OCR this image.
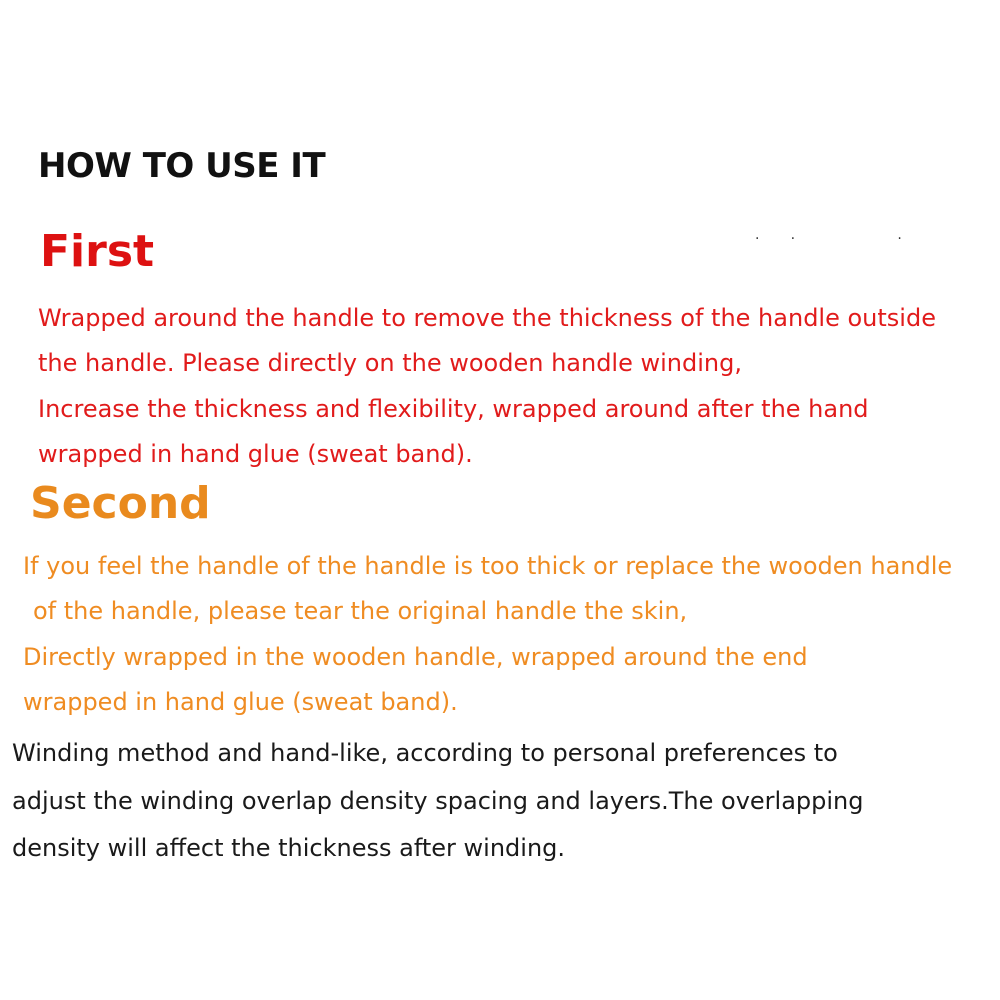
HOW TO USE IT
·       ·                       ·
First

Wrapped around the handle to remove the thickness of the handle outside

the handle. Please directly on the wooden handle winding,

Increase the thickness and flexibility, wrapped around after the hand

wrapped in hand glue (sweat band).

Second

If you feel the handle of the handle is too thick or replace the wooden handle

of the handle, please tear the original handle the skin,

Directly wrapped in the wooden handle, wrapped around the end

wrapped in hand glue (sweat band).

Winding method and hand-like, according to personal preferences to

adjust the winding overlap density spacing and layers.The overlapping

density will affect the thickness after winding.
